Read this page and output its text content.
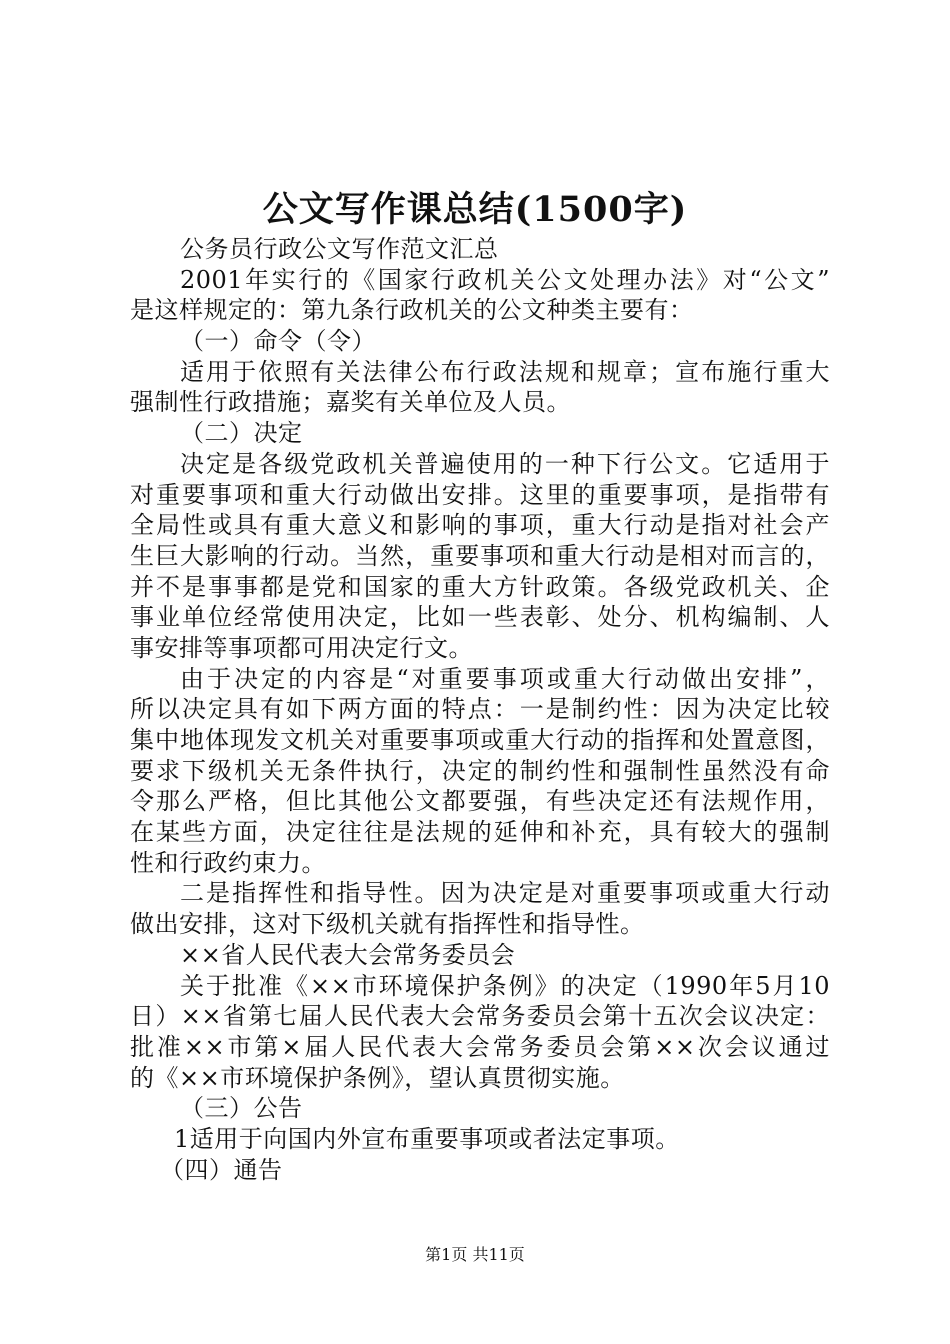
公文写作课总结(1500字)
公务员行政公文写作范文汇总
2001年实行的《国家行政机关公文处理办法》对“公文”
是这样规定的：第九条行政机关的公文种类主要有：
（一）命令（令）
适用于依照有关法律公布行政法规和规章；宣布施行重大
强制性行政措施；嘉奖有关单位及人员。
（二）决定
决定是各级党政机关普遍使用的一种下行公文。它适用于
对重要事项和重大行动做出安排。这里的重要事项，是指带有
全局性或具有重大意义和影响的事项，重大行动是指对社会产
生巨大影响的行动。当然，重要事项和重大行动是相对而言的，
并不是事事都是党和国家的重大方针政策。各级党政机关、企
事业单位经常使用决定，比如一些表彰、处分、机构编制、人
事安排等事项都可用决定行文。
由于决定的内容是“对重要事项或重大行动做出安排”，
所以决定具有如下两方面的特点：一是制约性：因为决定比较
集中地体现发文机关对重要事项或重大行动的指挥和处置意图，
要求下级机关无条件执行，决定的制约性和强制性虽然没有命
令那么严格，但比其他公文都要强，有些决定还有法规作用，
在某些方面，决定往往是法规的延伸和补充，具有较大的强制
性和行政约束力。
二是指挥性和指导性。因为决定是对重要事项或重大行动
做出安排，这对下级机关就有指挥性和指导性。
××省人民代表大会常务委员会
关于批准《××市环境保护条例》的决定（1990年5月10
日）××省第七届人民代表大会常务委员会第十五次会议决定：
批准××市第×届人民代表大会常务委员会第××次会议通过
的《××市环境保护条例》，望认真贯彻实施。
（三）公告
1适用于向国内外宣布重要事项或者法定事项。
（四）通告
第1页 共11页
